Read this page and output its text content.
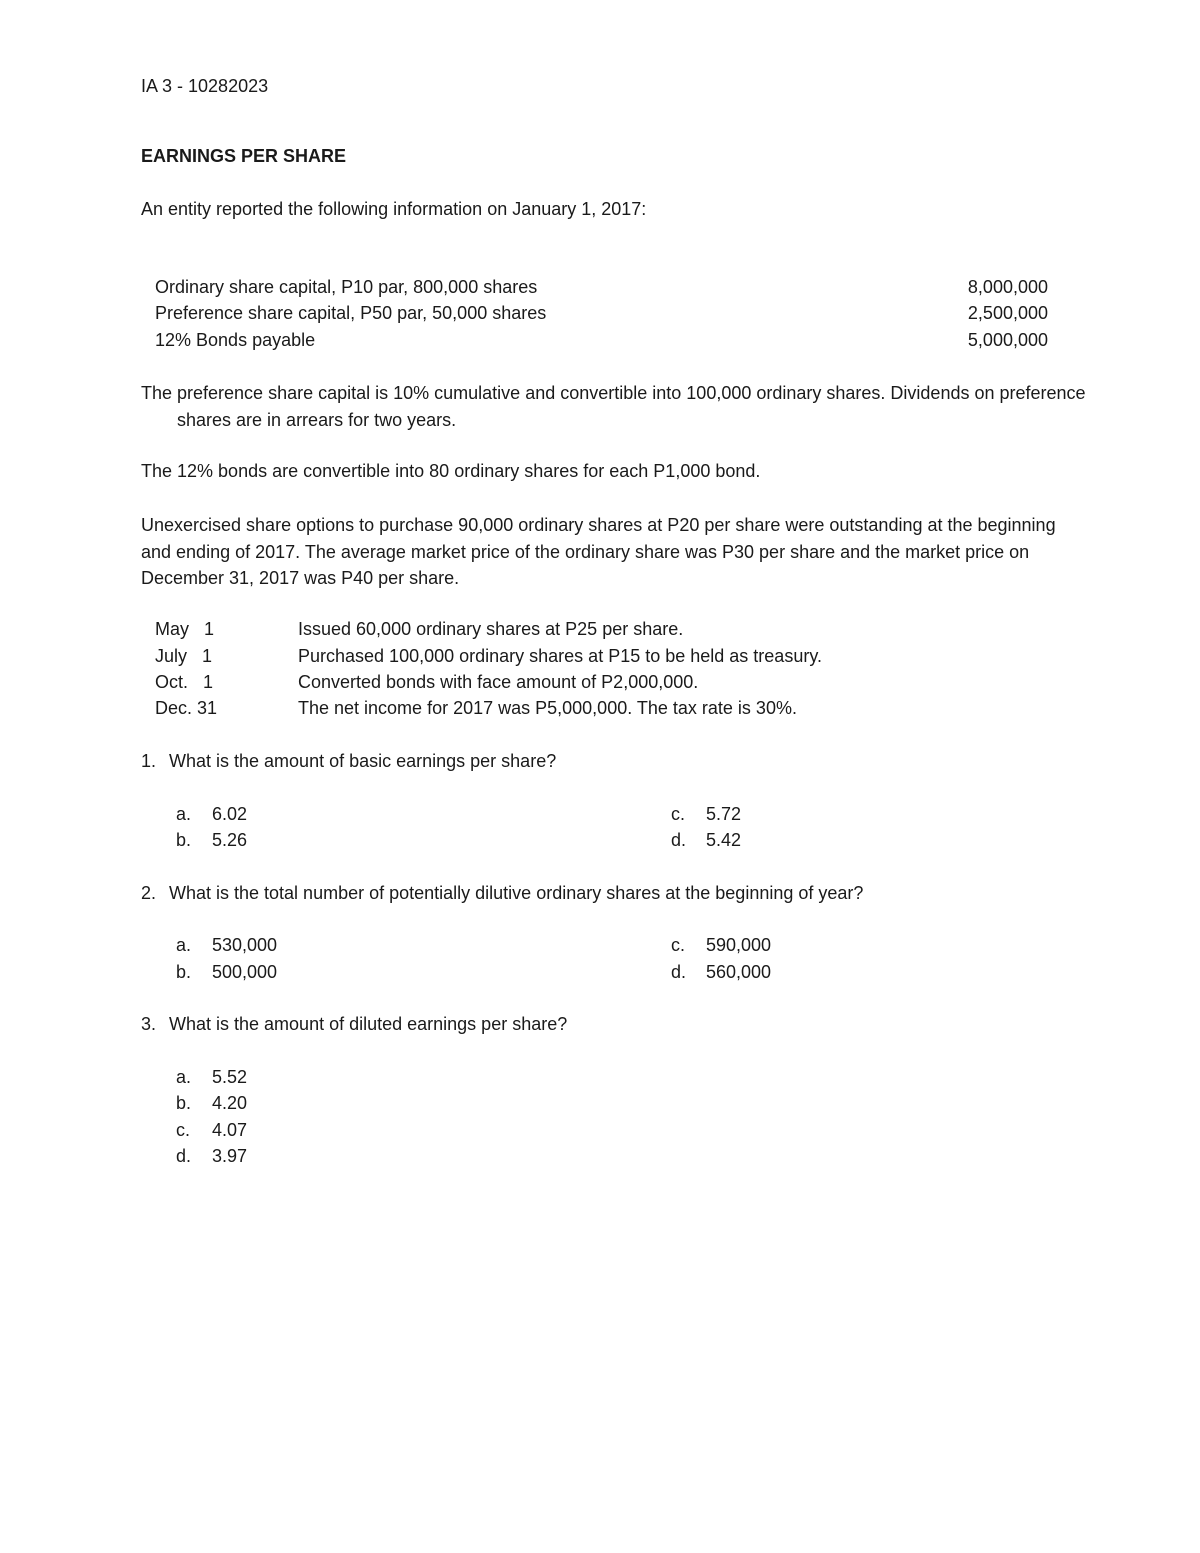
IA 3 - 10282023
EARNINGS PER SHARE
An entity reported the following information on January 1, 2017:
Ordinary share capital, P10 par, 800,000 shares	8,000,000
Preference share capital, P50 par, 50,000 shares	2,500,000
12% Bonds payable	5,000,000
The preference share capital is 10% cumulative and convertible into 100,000 ordinary shares. Dividends on preference shares are in arrears for two years.
The 12% bonds are convertible into 80 ordinary shares for each P1,000 bond.
Unexercised share options to purchase 90,000 ordinary shares at P20 per share were outstanding at the beginning and ending of 2017. The average market price of the ordinary share was P30 per share and the market price on December 31, 2017 was P40 per share.
May   1	Issued 60,000 ordinary shares at P25 per share.
July   1	Purchased 100,000 ordinary shares at P15 to be held as treasury.
Oct.   1	Converted bonds with face amount of P2,000,000.
Dec. 31	The net income for 2017 was P5,000,000. The tax rate is 30%.
1. What is the amount of basic earnings per share?
a. 6.02
b. 5.26
c. 5.72
d. 5.42
2. What is the total number of potentially dilutive ordinary shares at the beginning of year?
a. 530,000
b. 500,000
c. 590,000
d. 560,000
3. What is the amount of diluted earnings per share?
a. 5.52
b. 4.20
c. 4.07
d. 3.97
